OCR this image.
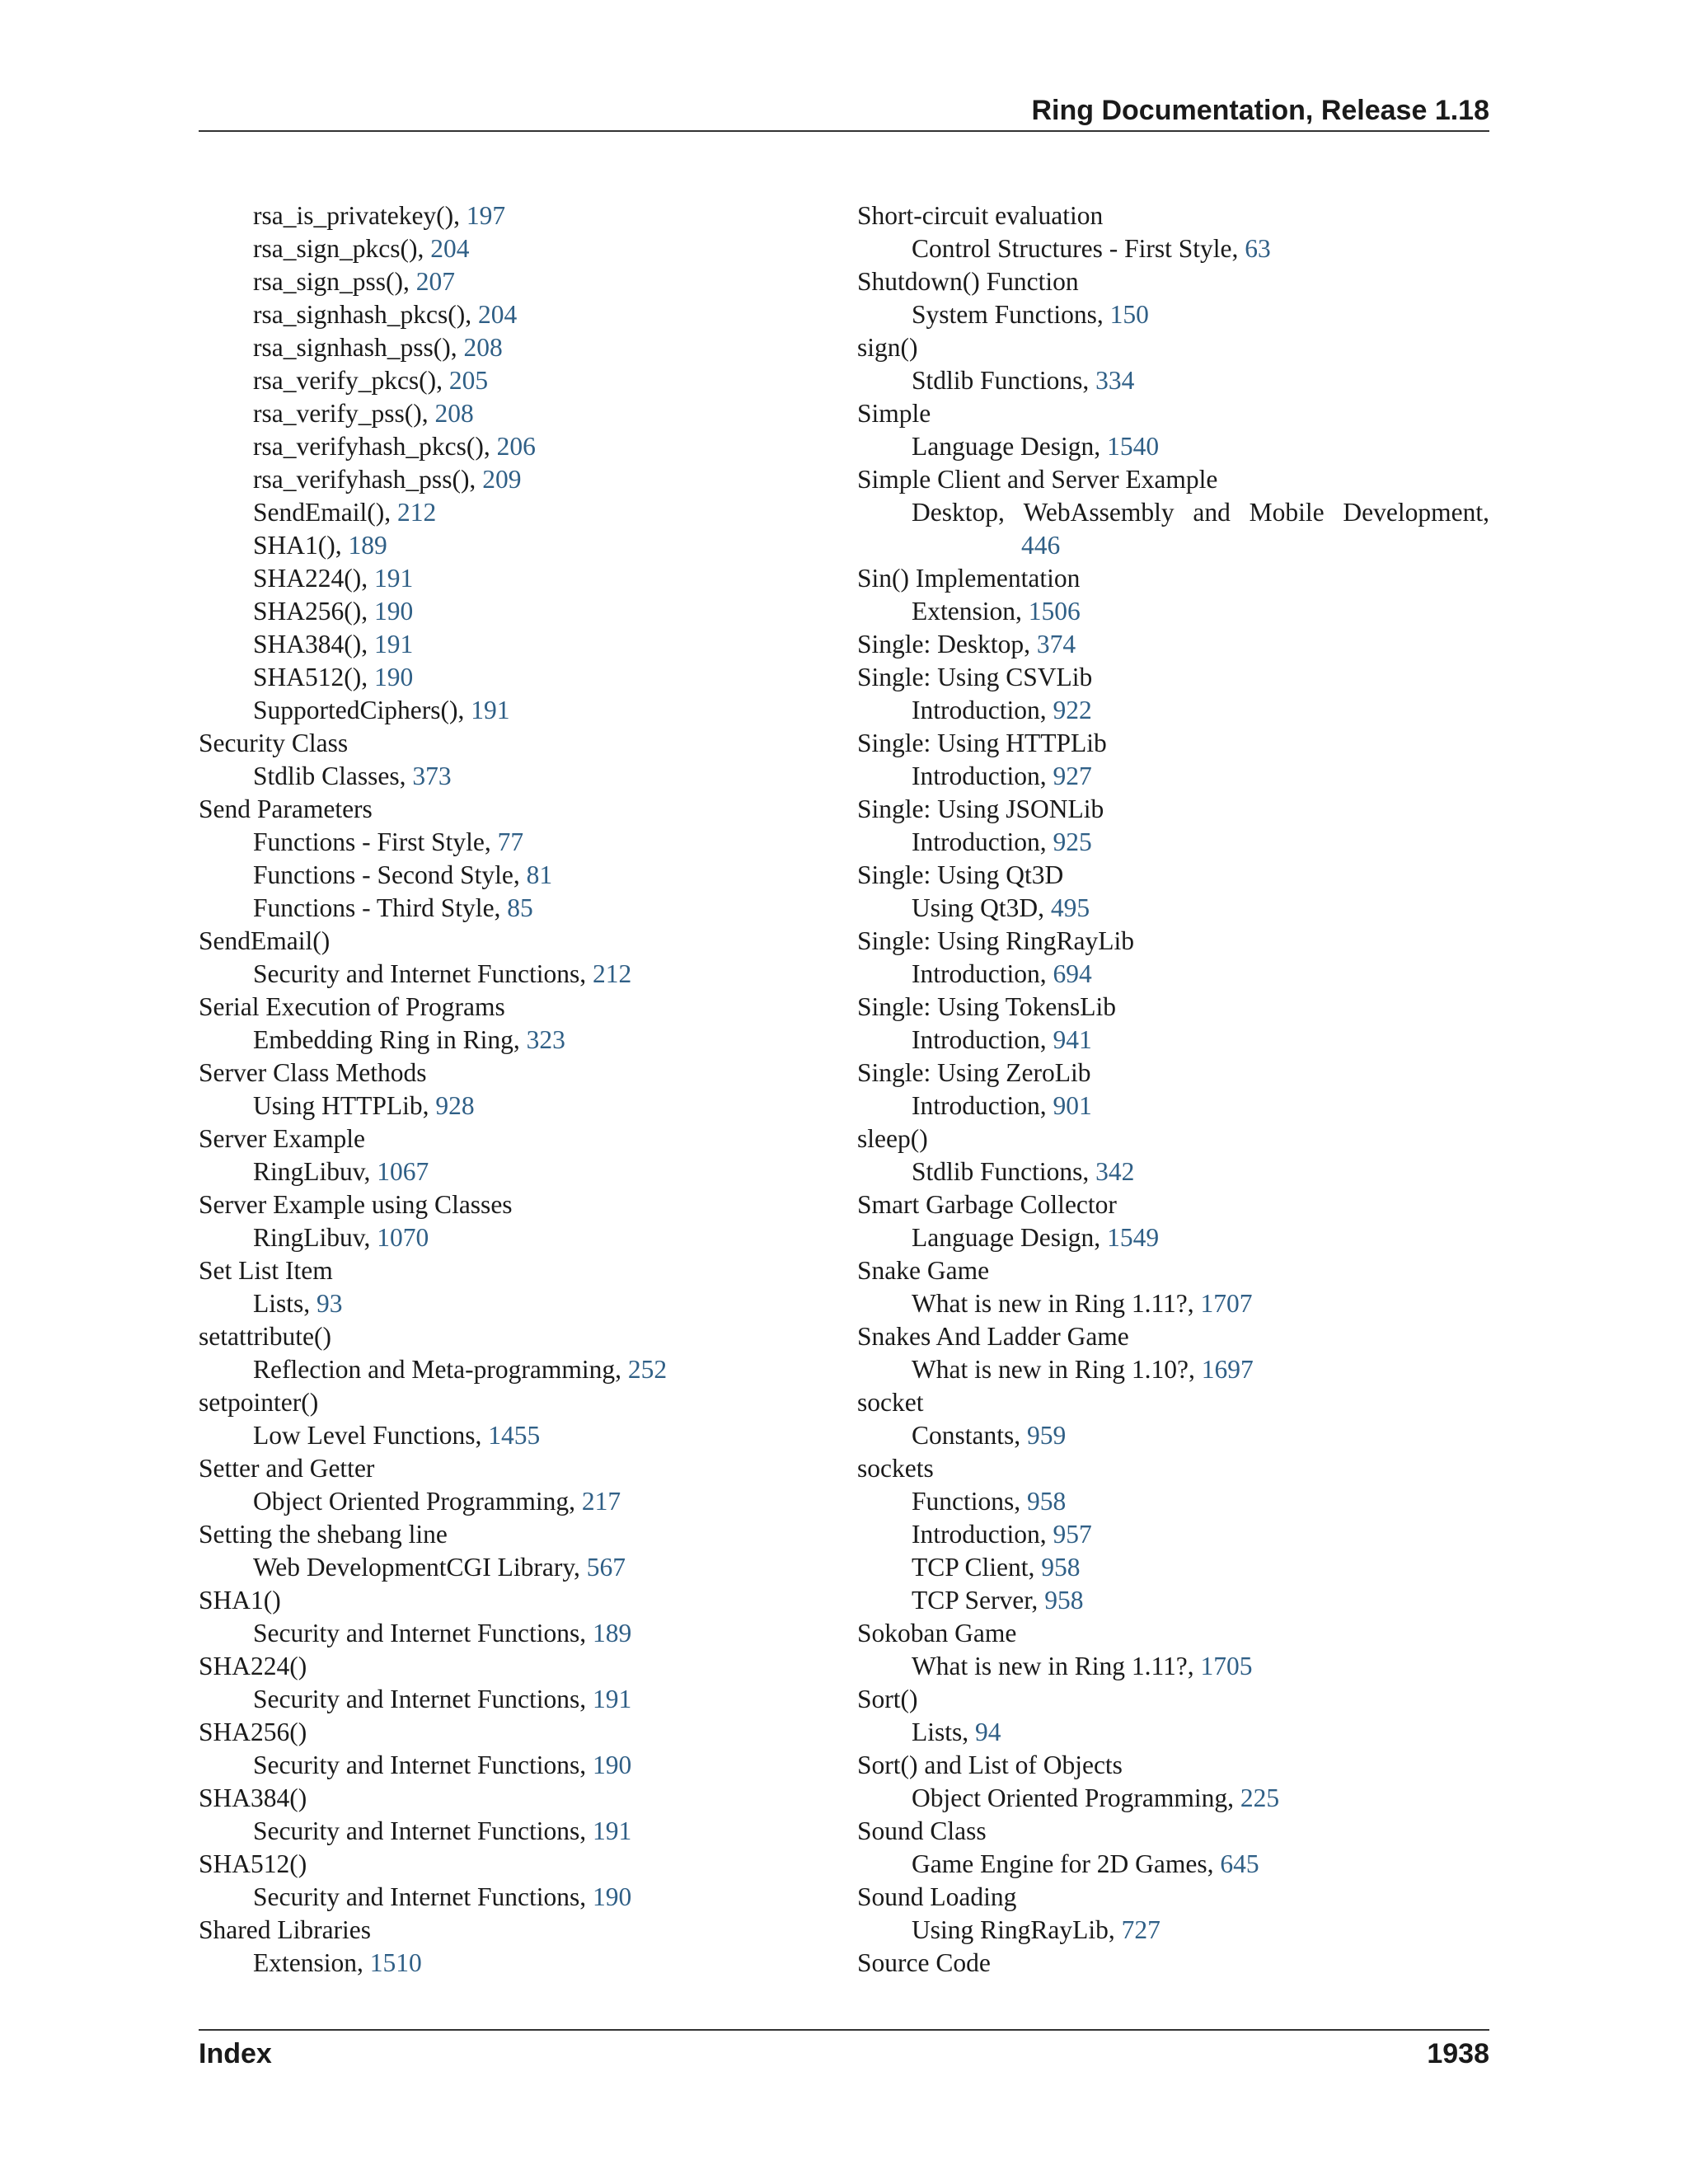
Ring Documentation, Release 1.18
rsa_is_privatekey(), 197
rsa_sign_pkcs(), 204
rsa_sign_pss(), 207
rsa_signhash_pkcs(), 204
rsa_signhash_pss(), 208
rsa_verify_pkcs(), 205
rsa_verify_pss(), 208
rsa_verifyhash_pkcs(), 206
rsa_verifyhash_pss(), 209
SendEmail(), 212
SHA1(), 189
SHA224(), 191
SHA256(), 190
SHA384(), 191
SHA512(), 190
SupportedCiphers(), 191
Security Class
Stdlib Classes, 373
Send Parameters
Functions - First Style, 77
Functions - Second Style, 81
Functions - Third Style, 85
SendEmail()
Security and Internet Functions, 212
Serial Execution of Programs
Embedding Ring in Ring, 323
Server Class Methods
Using HTTPLib, 928
Server Example
RingLibuv, 1067
Server Example using Classes
RingLibuv, 1070
Set List Item
Lists, 93
setattribute()
Reflection and Meta-programming, 252
setpointer()
Low Level Functions, 1455
Setter and Getter
Object Oriented Programming, 217
Setting the shebang line
Web DevelopmentCGI Library, 567
SHA1()
Security and Internet Functions, 189
SHA224()
Security and Internet Functions, 191
SHA256()
Security and Internet Functions, 190
SHA384()
Security and Internet Functions, 191
SHA512()
Security and Internet Functions, 190
Shared Libraries
Extension, 1510
Short-circuit evaluation
Control Structures - First Style, 63
Shutdown() Function
System Functions, 150
sign()
Stdlib Functions, 334
Simple
Language Design, 1540
Simple Client and Server Example
Desktop, WebAssembly and Mobile Development,
446
Sin() Implementation
Extension, 1506
Single: Desktop, 374
Single: Using CSVLib
Introduction, 922
Single: Using HTTPLib
Introduction, 927
Single: Using JSONLib
Introduction, 925
Single: Using Qt3D
Using Qt3D, 495
Single: Using RingRayLib
Introduction, 694
Single: Using TokensLib
Introduction, 941
Single: Using ZeroLib
Introduction, 901
sleep()
Stdlib Functions, 342
Smart Garbage Collector
Language Design, 1549
Snake Game
What is new in Ring 1.11?, 1707
Snakes And Ladder Game
What is new in Ring 1.10?, 1697
socket
Constants, 959
sockets
Functions, 958
Introduction, 957
TCP Client, 958
TCP Server, 958
Sokoban Game
What is new in Ring 1.11?, 1705
Sort()
Lists, 94
Sort() and List of Objects
Object Oriented Programming, 225
Sound Class
Game Engine for 2D Games, 645
Sound Loading
Using RingRayLib, 727
Source Code
Index	1938
